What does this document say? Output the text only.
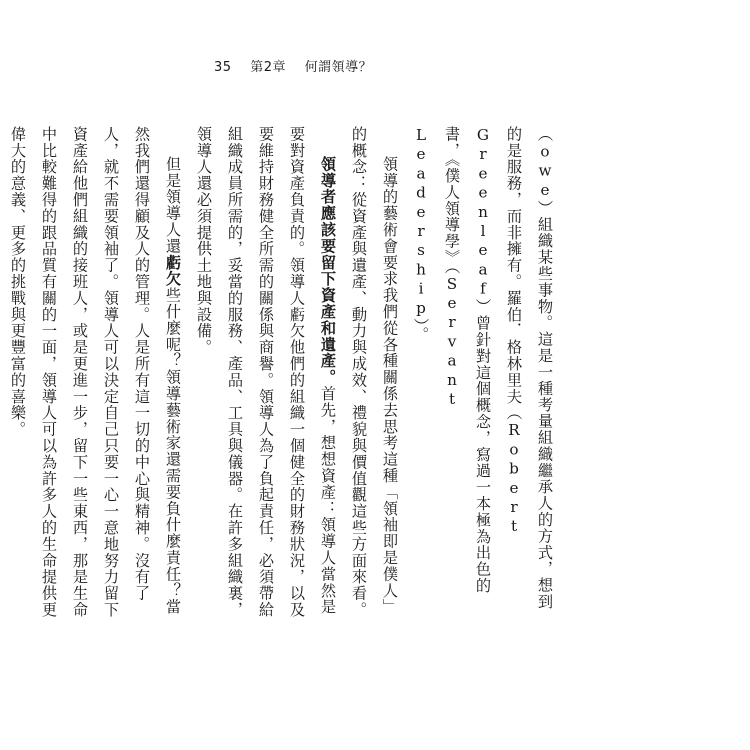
35 第2章 何謂領導？

（owe）組織某些事物。這是一種考量組織繼承人的方式，想到的是服務，而非擁有。羅伯．格林里夫（Robert Greenleaf）曾針對這個概念，寫過一本極為出色的書，《僕人領導學》（Servant Leadership）。

領導的藝術會要求我們從各種關係去思考這種「領袖即是僕人」的概念：從資產與遺產、動力與成效、禮貌與價值觀這些方面來看。

領導者應該要留下資產和遺產。首先，想想資產：領導人當然是要對資產負責的。領導人虧欠他們的組織一個健全的財務狀況，以及要維持財務健全所需的關係與商譽。領導人為了負起責任，必須帶給組織成員所需的，妥當的服務、產品、工具與儀器。在許多組織裏，領導人還必須提供土地與設備。

但是領導人還虧欠些什麼呢？領導藝術家還需要負什麼責任？當然我們還得顧及人的管理。人是所有這一切的中心與精神。沒有了人，就不需要領袖了。領導人可以決定自己只要一心一意地努力留下資產給他們組織的接班人，或是更進一步，留下一些東西，那是生命中比較難得的跟品質有關的一面，領導人可以為許多人的生命提供更偉大的意義、更多的挑戰與更豐富的喜樂。
